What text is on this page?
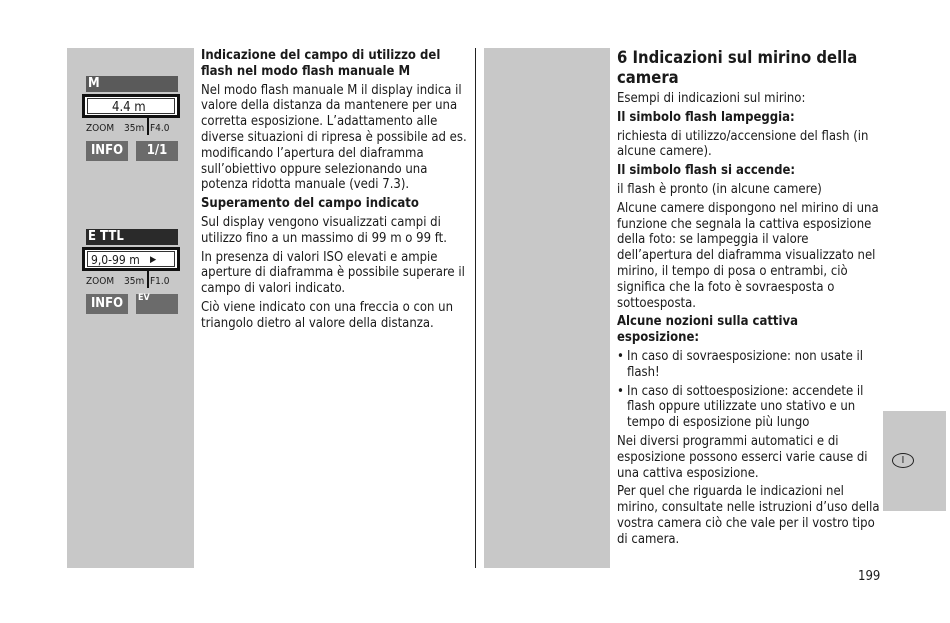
M
4.4 m
ZOOM 35m F4.0
INFO	1/1
E TTL
9,0-99 m ▶
ZOOM 35m F1.0
INFO	EV

Indicazione del campo di utilizzo del flash nel modo flash manuale M

Nel modo flash manuale M il display indica il valore della distanza da mantenere per una corretta esposizione. L’adattamento alle diverse situazioni di ripresa è possibile ad es. modificando l’apertura del diaframma sull’obiettivo oppure selezionando una potenza ridotta manuale (vedi 7.3).

Superamento del campo indicato

Sul display vengono visualizzati campi di utilizzo fino a un massimo di 99 m o 99 ft.

In presenza di valori ISO elevati e ampie aperture di diaframma è possibile superare il campo di valori indicato.

Ciò viene indicato con una freccia o con un triangolo dietro al valore della distanza.

6 Indicazioni sul mirino della camera

Esempi di indicazioni sul mirino:

Il simbolo flash lampeggia:

richiesta di utilizzo/accensione del flash (in alcune camere).

Il simbolo flash si accende:

il flash è pronto (in alcune camere)

Alcune camere dispongono nel mirino di una funzione che segnala la cattiva esposizione della foto: se lampeggia il valore dell’apertura del diaframma visualizzato nel mirino, il tempo di posa o entrambi, ciò significa che la foto è sovraesposta o sottoesposta.

Alcune nozioni sulla cattiva esposizione:

• In caso di sovraesposizione: non usate il flash!
• In caso di sottoesposizione: accendete il flash oppure utilizzate uno stativo e un tempo di esposizione più lungo

Nei diversi programmi automatici e di esposizione possono esserci varie cause di una cattiva esposizione.

Per quel che riguarda le indicazioni nel mirino, consultate nelle istruzioni d’uso della vostra camera ciò che vale per il vostro tipo di camera.

I
199
